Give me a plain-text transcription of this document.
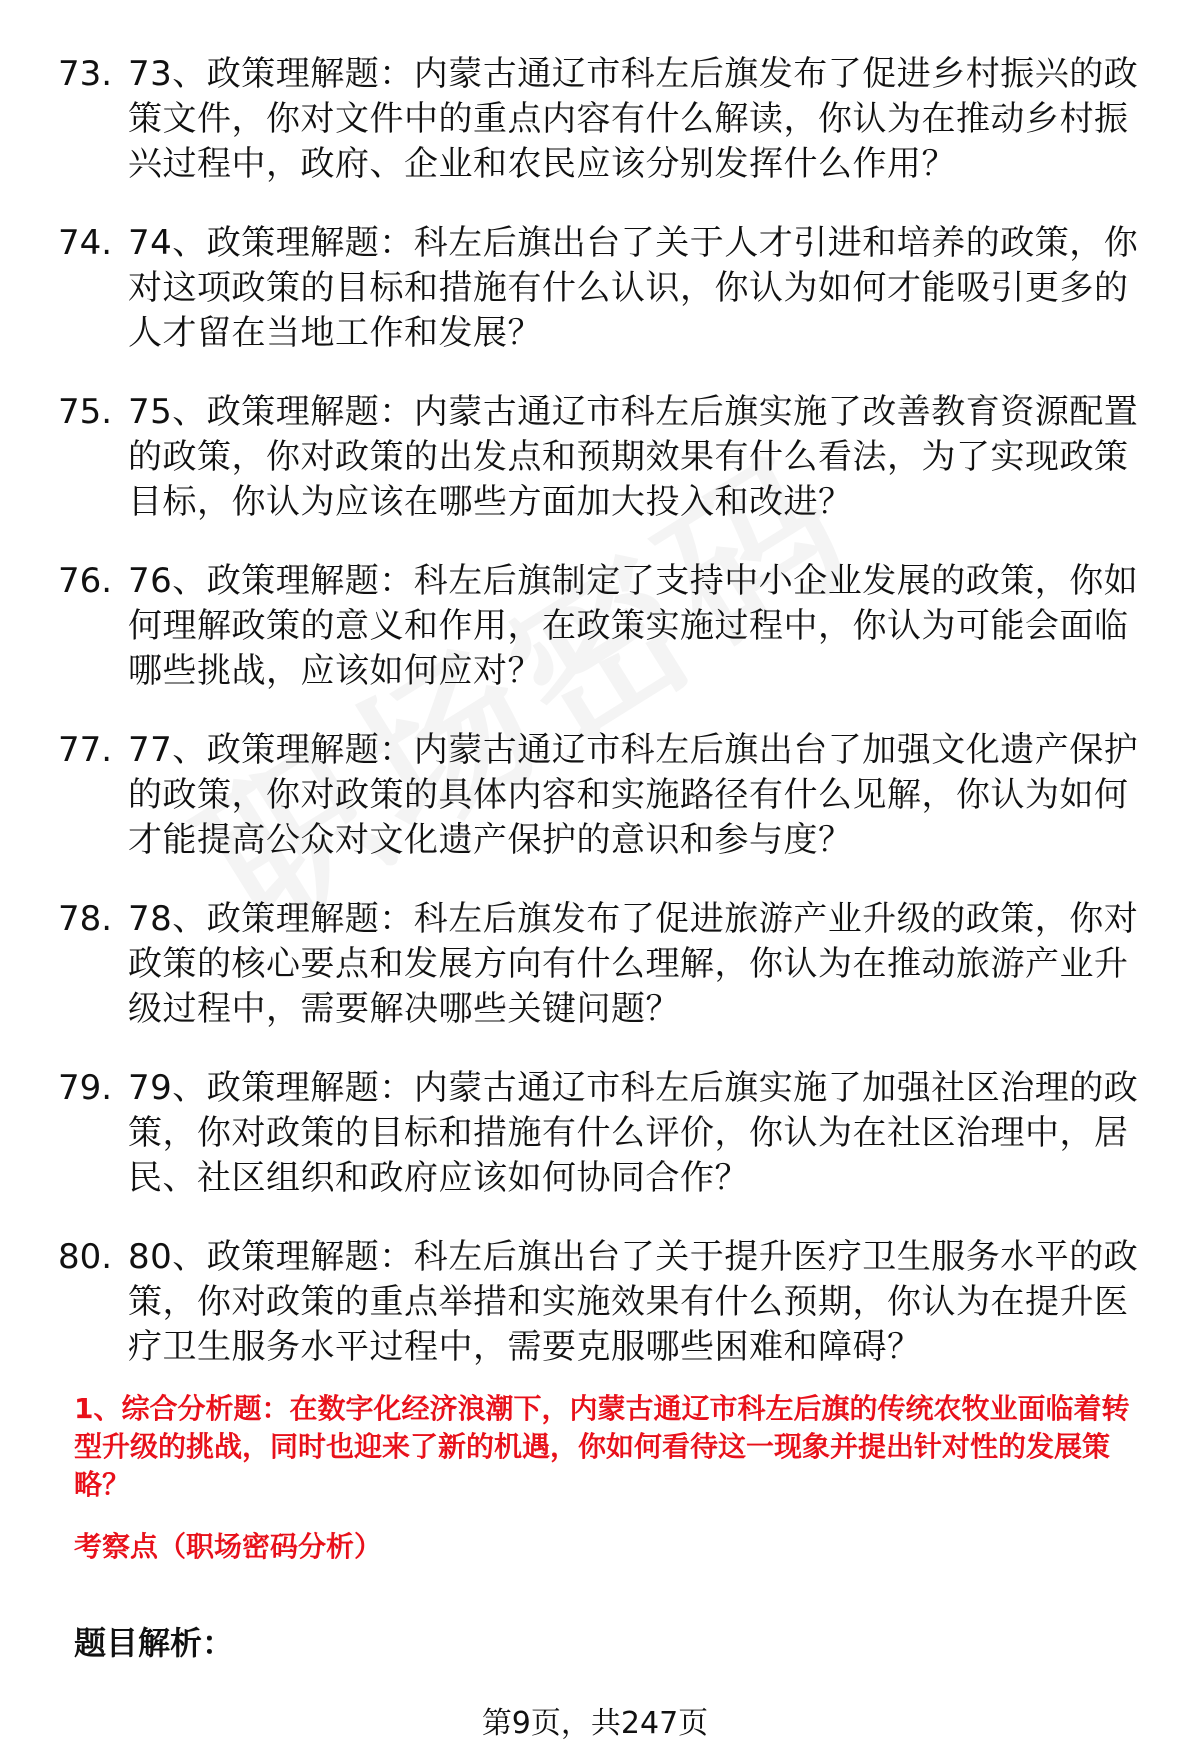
73. 73、政策理解题：内蒙古通辽市科左后旗发布了促进乡村振兴的政策文件，你对文件中的重点内容有什么解读，你认为在推动乡村振兴过程中，政府、企业和农民应该分别发挥什么作用？
74. 74、政策理解题：科左后旗出台了关于人才引进和培养的政策，你对这项政策的目标和措施有什么认识，你认为如何才能吸引更多的人才留在当地工作和发展？
75. 75、政策理解题：内蒙古通辽市科左后旗实施了改善教育资源配置的政策，你对政策的出发点和预期效果有什么看法，为了实现政策目标，你认为应该在哪些方面加大投入和改进？
76. 76、政策理解题：科左后旗制定了支持中小企业发展的政策，你如何理解政策的意义和作用，在政策实施过程中，你认为可能会面临哪些挑战，应该如何应对？
77. 77、政策理解题：内蒙古通辽市科左后旗出台了加强文化遗产保护的政策，你对政策的具体内容和实施路径有什么见解，你认为如何才能提高公众对文化遗产保护的意识和参与度？
78. 78、政策理解题：科左后旗发布了促进旅游产业升级的政策，你对政策的核心要点和发展方向有什么理解，你认为在推动旅游产业升级过程中，需要解决哪些关键问题？
79. 79、政策理解题：内蒙古通辽市科左后旗实施了加强社区治理的政策，你对政策的目标和措施有什么评价，你认为在社区治理中，居民、社区组织和政府应该如何协同合作？
80. 80、政策理解题：科左后旗出台了关于提升医疗卫生服务水平的政策，你对政策的重点举措和实施效果有什么预期，你认为在提升医疗卫生服务水平过程中，需要克服哪些困难和障碍？
1、综合分析题：在数字化经济浪潮下，内蒙古通辽市科左后旗的传统农牧业面临着转型升级的挑战，同时也迎来了新的机遇，你如何看待这一现象并提出针对性的发展策略？
考察点（职场密码分析）
题目解析：
第9页，共247页
